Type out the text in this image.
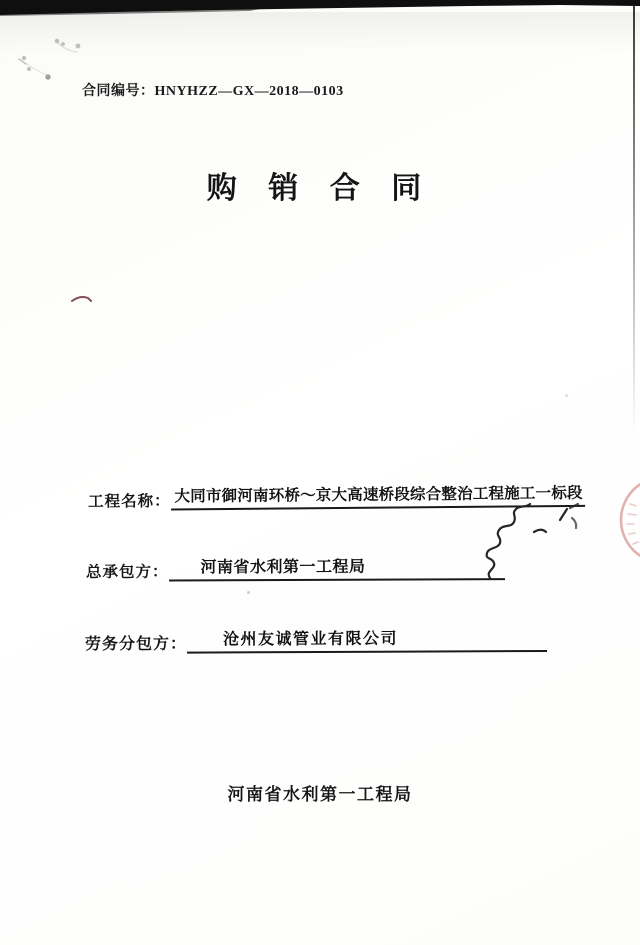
合同编号：HNYHZZ—GX—2018—0103
购 销 合 同
工程名称： 大同市御河南环桥～京大高速桥段综合整治工程施工一标段
总承包方： 河南省水利第一工程局
劳务分包方： 沧州友诚管业有限公司
河南省水利第一工程局
